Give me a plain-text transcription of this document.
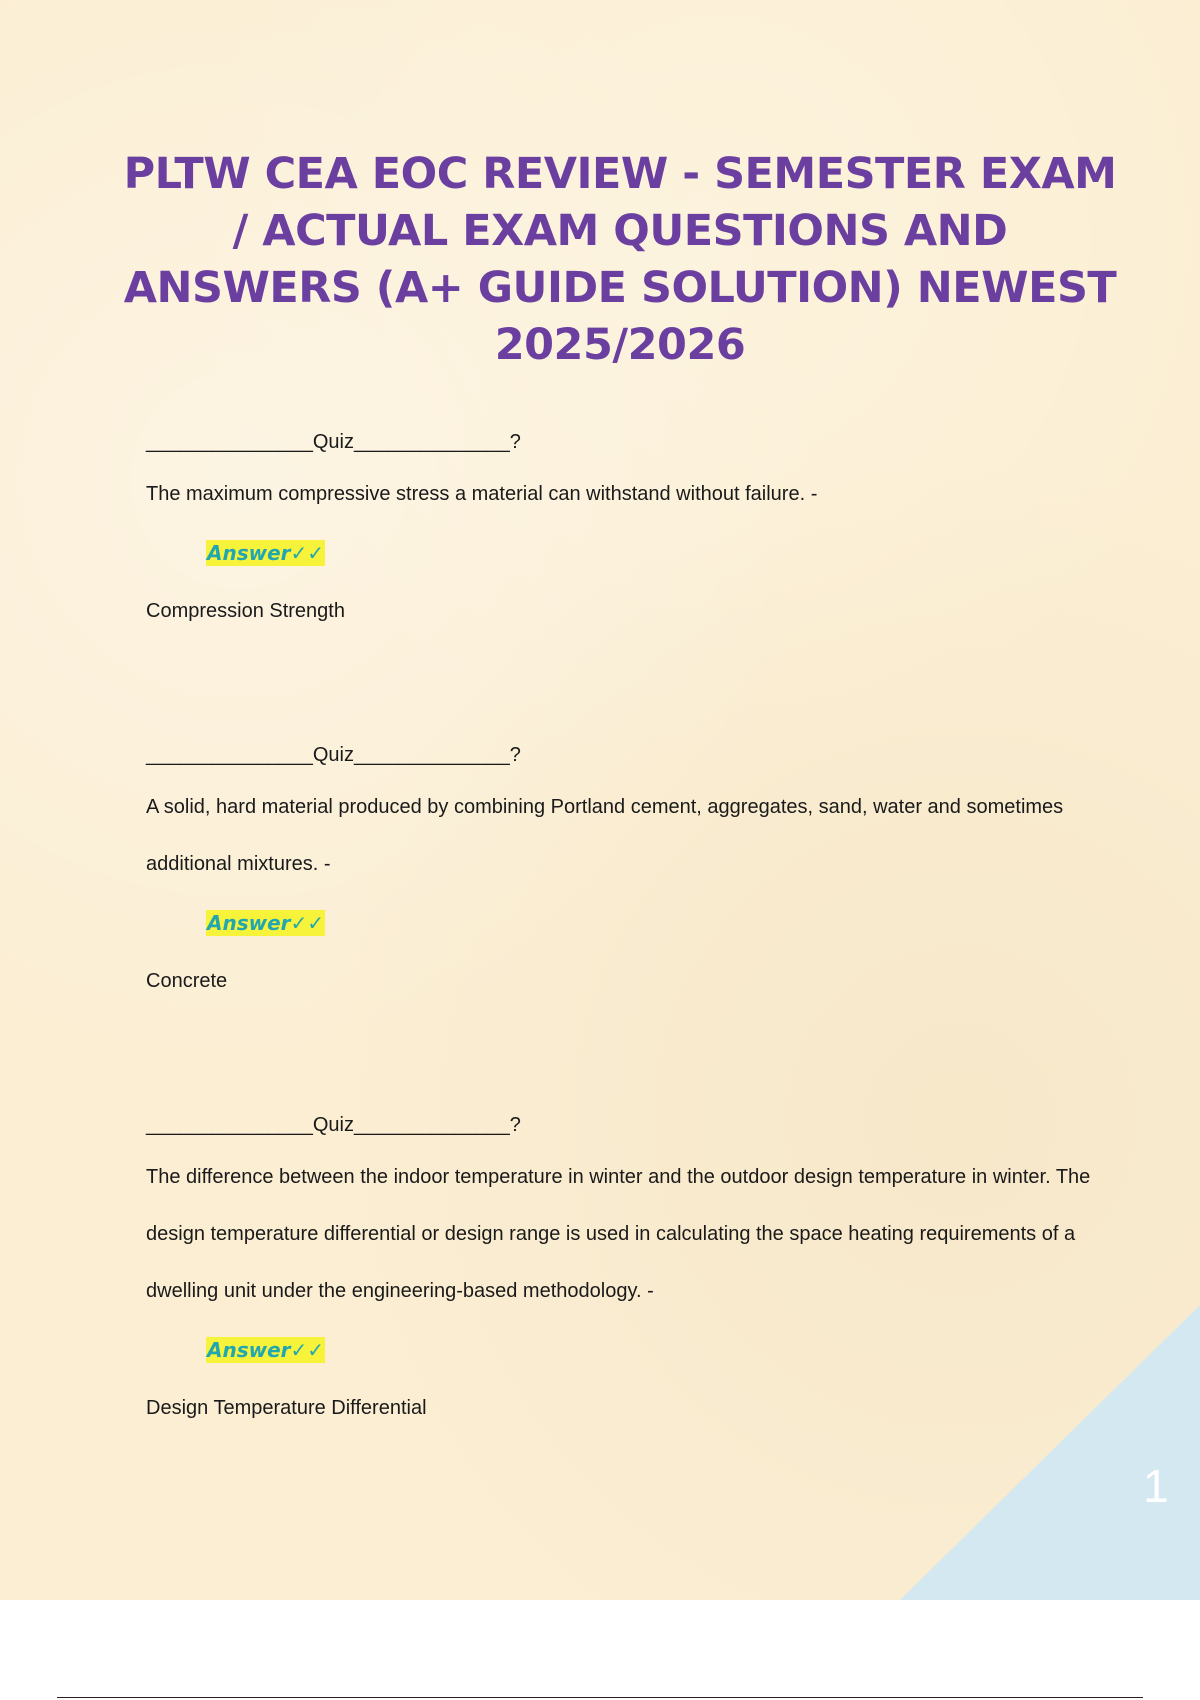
1
PLTW CEA EOC REVIEW - SEMESTER EXAM / ACTUAL EXAM QUESTIONS AND ANSWERS (A+ GUIDE SOLUTION) NEWEST 2025/2026

_______________Quiz______________?

The maximum compressive stress a material can withstand without failure. -

Answer✓✓

Compression Strength

_______________Quiz______________?

A solid, hard material produced by combining Portland cement, aggregates, sand, water and sometimes additional mixtures. -

Answer✓✓

Concrete

_______________Quiz______________?

The difference between the indoor temperature in winter and the outdoor design temperature in winter. The design temperature differential or design range is used in calculating the space heating requirements of a dwelling unit under the engineering-based methodology. -

Answer✓✓

Design Temperature Differential
